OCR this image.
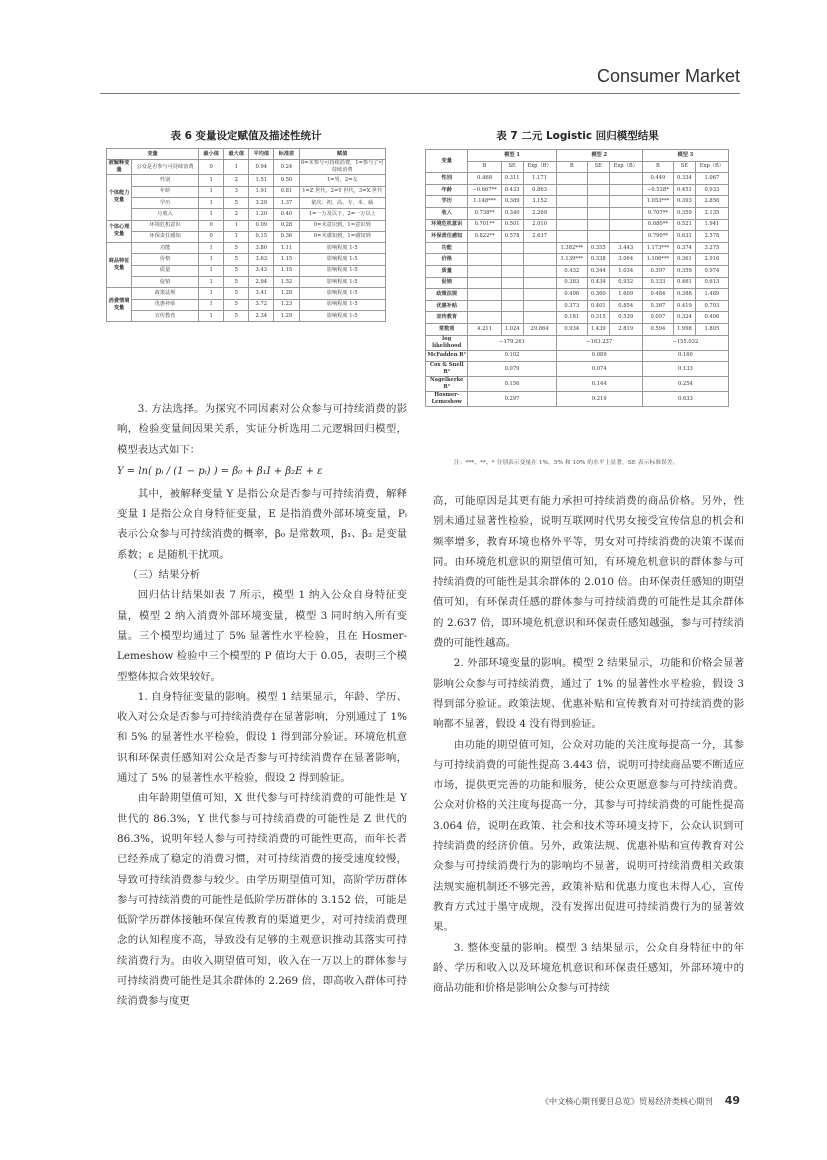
Consumer Market
表 6 变量设定赋值及描述性统计
变量		最小值	最大值	平均值	标准差	赋值
被解释变量	公众是否参与可持续消费	0	1	0.94	0.24	0=未参与可持续消费，1=参与了可持续消费
个体能力变量	性别	1	2	1.51	0.50	1=男，2=女
	年龄	1	3	1.91	0.81	1=Z 世代，2=Y 世代，3=X 世代
	学历	1	5	3.29	1.37	依次：初、高、专、本、硕
	月收入	1	2	1.20	0.40	1=一万及以下，2=一万以上
个体心理变量	环境危机意识	0	1	0.09	0.28	0=未意识到，1=意识到
	环保责任感知	0	1	0.15	0.36	0=未感知到，1=感知到
商品特征变量	功能	1	5	3.80	1.11	影响程度 1-5
	价格	1	5	3.63	1.15	影响程度 1-5
	质量	1	5	3.43	1.15	影响程度 1-5
	促销	1	5	2.94	1.52	影响程度 1-5
消费情境变量	政策法规	1	5	3.41	1.28	影响程度 1-5
	优惠补贴	1	5	3.72	1.23	影响程度 1-5
	宣传教育	1	5	2.34	1.29	影响程度 1-5
表 7 二元 Logistic 回归模型结果
变量	模型 1			模型 2			模型 3		
	B	SE	Exp（B）	B	SE	Exp（B）	B	SE	Exp（B）
性别	0.468	0.311	1.171				0.449	0.334	1.067
年龄	−0.667**	0.433	0.863				−0.528*	0.451	0.933
学历	1.148***	0.389	3.152				1.053***	0.393	2.856
收入	0.738**	0.340	2.269				0.707**	0.359	2.135
环境危机意识	0.701**	0.501	2.010				0.680**	0.521	1.941
环保责任感知	0.822**	0.578	2.637				0.790**	0.631	2.578
功能				1.382***	0.355	3.443	1.173***	0.374	3.275
价格				1.139***	0.338	3.064	1.106***	0.361	2.916
质量				0.432	0.344	1.034	0.397	0.359	0.974
促销				0.383	0.434	0.932	0.333	0.461	0.613
政策法规				0.496	0.360	1.609	0.484	0.386	1.489
优惠补贴				0.373	0.401	0.854	0.367	0.419	0.703
宣传教育				0.181	0.315	0.539	0.097	0.324	0.406
常数项	4.211	1.024	29.864	0.934	1.439	2.819	0.594	1.998	1.805
log likelihood	−179.261			−163.237			−155.032		
McFadden R²	0.102			0.089			0.160		
Cox & Snell R²	0.079			0.074			0.133		
Nagelkerke R²	0.156			0.144			0.254		
Hosmer-Lemeshow	0.297			0.219			0.633		
注：***、**、* 分别表示变量在 1%、5% 和 10% 的水平上显著，SE 表示标准误差。

3. 方法选择。为探究不同因素对公众参与可持续消费的影响，检验变量间因果关系，实证分析选用二元逻辑回归模型，模型表达式如下：

Y = ln( pᵢ / (1 − pᵢ) ) = β₀ + β₁I + β₂E + ε

其中，被解释变量 Y 是指公众是否参与可持续消费，解释变量 I 是指公众自身特征变量，E 是指消费外部环境变量，Pᵢ 表示公众参与可持续消费的概率，β₀ 是常数项，β₁、β₂ 是变量系数；ε 是随机干扰项。

（三）结果分析

回归估计结果如表 7 所示，模型 1 纳入公众自身特征变量，模型 2 纳入消费外部环境变量，模型 3 同时纳入所有变量。三个模型均通过了 5% 显著性水平检验，且在 Hosmer-Lemeshow 检验中三个模型的 P 值均大于 0.05，表明三个模型整体拟合效果较好。

1. 自身特征变量的影响。模型 1 结果显示，年龄、学历、收入对公众是否参与可持续消费存在显著影响，分别通过了 1% 和 5% 的显著性水平检验，假设 1 得到部分验证。环境危机意识和环保责任感知对公众是否参与可持续消费存在显著影响，通过了 5% 的显著性水平检验，假设 2 得到验证。

由年龄期望值可知，X 世代参与可持续消费的可能性是 Y 世代的 86.3%，Y 世代参与可持续消费的可能性是 Z 世代的 86.3%，说明年轻人参与可持续消费的可能性更高，而年长者已经养成了稳定的消费习惯，对可持续消费的接受速度较慢，导致可持续消费参与较少。由学历期望值可知，高阶学历群体参与可持续消费的可能性是低阶学历群体的 3.152 倍，可能是低阶学历群体接触环保宣传教育的渠道更少，对可持续消费理念的认知程度不高，导致没有足够的主观意识推动其落实可持续消费行为。由收入期望值可知，收入在一万以上的群体参与可持续消费可能性是其余群体的 2.269 倍，即高收入群体可持续消费参与度更

高，可能原因是其更有能力承担可持续消费的商品价格。另外，性别未通过显著性检验，说明互联网时代男女接受宣传信息的机会和频率增多，教育环境也格外平等，男女对可持续消费的决策不谋而同。由环境危机意识的期望值可知，有环境危机意识的群体参与可持续消费的可能性是其余群体的 2.010 倍。由环保责任感知的期望值可知，有环保责任感的群体参与可持续消费的可能性是其余群体的 2.637 倍，即环境危机意识和环保责任感知越强，参与可持续消费的可能性越高。

2. 外部环境变量的影响。模型 2 结果显示，功能和价格会显著影响公众参与可持续消费，通过了 1% 的显著性水平检验，假设 3 得到部分验证。政策法规、优惠补贴和宣传教育对可持续消费的影响都不显著，假设 4 没有得到验证。

由功能的期望值可知，公众对功能的关注度每提高一分，其参与可持续消费的可能性提高 3.443 倍，说明可持续商品要不断适应市场，提供更完善的功能和服务，使公众更愿意参与可持续消费。公众对价格的关注度每提高一分，其参与可持续消费的可能性提高 3.064 倍，说明在政策、社会和技术等环境支持下，公众认识到可持续消费的经济价值。另外，政策法规、优惠补贴和宣传教育对公众参与可持续消费行为的影响均不显著，说明可持续消费相关政策法规实施机制还不够完善，政策补贴和优惠力度也未得人心，宣传教育方式过于墨守成规，没有发挥出促进可持续消费行为的显著效果。

3. 整体变量的影响。模型 3 结果显示，公众自身特征中的年龄、学历和收入以及环境危机意识和环保责任感知，外部环境中的商品功能和价格是影响公众参与可持续

《中文核心期刊要目总览》贸易经济类核心期刊 49
